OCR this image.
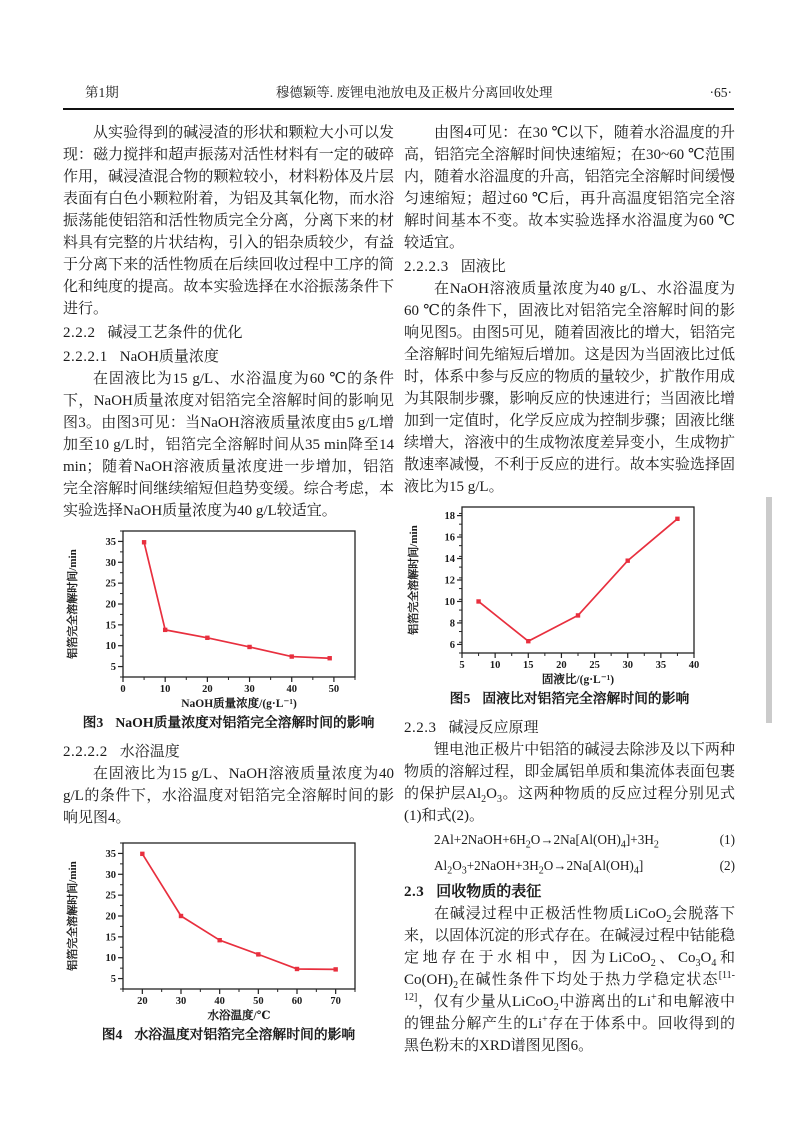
第1期	穆德颖等. 废锂电池放电及正极片分离回收处理	·65·

从实验得到的碱浸渣的形状和颗粒大小可以发现：磁力搅拌和超声振荡对活性材料有一定的破碎作用，碱浸渣混合物的颗粒较小，材料粉体及片层表面有白色小颗粒附着，为铝及其氧化物，而水浴振荡能使铝箔和活性物质完全分离，分离下来的材料具有完整的片状结构，引入的铝杂质较少，有益于分离下来的活性物质在后续回收过程中工序的简化和纯度的提高。故本实验选择在水浴振荡条件下进行。

2.2.2 碱浸工艺条件的优化
2.2.2.1 NaOH质量浓度

在固液比为15 g/L、水浴温度为60 ℃的条件下，NaOH质量浓度对铝箔完全溶解时间的影响见图3。由图3可见：当NaOH溶液质量浓度由5 g/L增加至10 g/L时，铝箔完全溶解时间从35 min降至14 min；随着NaOH溶液质量浓度进一步增加，铝箔完全溶解时间继续缩短但趋势变缓。综合考虑，本实验选择NaOH质量浓度为40 g/L较适宜。

0	10	20	30	40	50
5
10
15
20
25
30
35
NaOH质量浓度/(g·L⁻¹)
铝箔完全溶解时间/min
图3 NaOH质量浓度对铝箔完全溶解时间的影响
2.2.2.2 水浴温度

在固液比为15 g/L、NaOH溶液质量浓度为40 g/L的条件下，水浴温度对铝箔完全溶解时间的影响见图4。

20	30	40	50	60	70
5
10
15
20
25
30
35
水浴温度/℃
铝箔完全溶解时间/min
图4 水浴温度对铝箔完全溶解时间的影响

由图4可见：在30 ℃以下，随着水浴温度的升高，铝箔完全溶解时间快速缩短；在30~60 ℃范围内，随着水浴温度的升高，铝箔完全溶解时间缓慢匀速缩短；超过60 ℃后，再升高温度铝箔完全溶解时间基本不变。故本实验选择水浴温度为60 ℃较适宜。

2.2.2.3 固液比

在NaOH溶液质量浓度为40 g/L、水浴温度为60 ℃的条件下，固液比对铝箔完全溶解时间的影响见图5。由图5可见，随着固液比的增大，铝箔完全溶解时间先缩短后增加。这是因为当固液比过低时，体系中参与反应的物质的量较少，扩散作用成为其限制步骤，影响反应的快速进行；当固液比增加到一定值时，化学反应成为控制步骤；固液比继续增大，溶液中的生成物浓度差异变小，生成物扩散速率减慢，不利于反应的进行。故本实验选择固液比为15 g/L。

5 10 15 20 25 30 35 40
6
8
10
12
14
16
18
固液比/(g·L⁻¹)
铝箔完全溶解时间/min
图5 固液比对铝箔完全溶解时间的影响
2.2.3 碱浸反应原理

锂电池正极片中铝箔的碱浸去除涉及以下两种物质的溶解过程，即金属铝单质和集流体表面包裹的保护层$Al_2O_3$。这两种物质的反应过程分别见式(1)和式(2)。

$2Al+2NaOH+6H_2O\to 2Na[Al(OH)_4]+3H_2$	(1)
$Al_2O_3+2NaOH+3H_2O\to 2Na[Al(OH)_4]$	(2)
2.3 回收物质的表征

在碱浸过程中正极活性物质LiCoO$_2$会脱落下来，以固体沉淀的形式存在。在碱浸过程中钴能稳定地存在于水相中，因为LiCoO$_2$、$Co_3O_4$和$Co(OH)_2$在碱性条件下均处于热力学稳定状态[11-12]，仅有少量从LiCoO$_2$中游离出的Li+和电解液中的锂盐分解产生的Li+存在于体系中。回收得到的黑色粉末的XRD谱图见图6。
